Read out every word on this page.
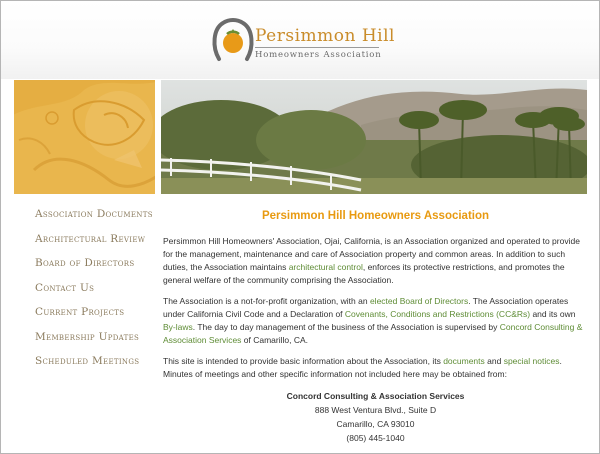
Persimmon Hill
Homeowners Association
Association Documents
Architectural Review
Board of Directors
Contact Us
Current Projects
Membership Updates
Scheduled Meetings
Persimmon Hill Homeowners Association

Persimmon Hill Homeowners' Association, Ojai, California, is an Association organized and operated to provide for the management, maintenance and care of Association property and common areas. In addition to such duties, the Association maintains architectural control, enforces its protective restrictions, and promotes the general welfare of the community comprising the Association.

The Association is a not-for-profit organization, with an elected Board of Directors. The Association operates under California Civil Code and a Declaration of Covenants, Conditions and Restrictions (CC&Rs) and its own By-laws. The day to day management of the business of the Association is supervised by Concord Consulting & Association Services of Camarillo, CA.

This site is intended to provide basic information about the Association, its documents and special notices. Minutes of meetings and other specific information not included here may be obtained from:

Concord Consulting & Association Services
888 West Ventura Blvd., Suite D
Camarillo, CA 93010
(805) 445-1040
